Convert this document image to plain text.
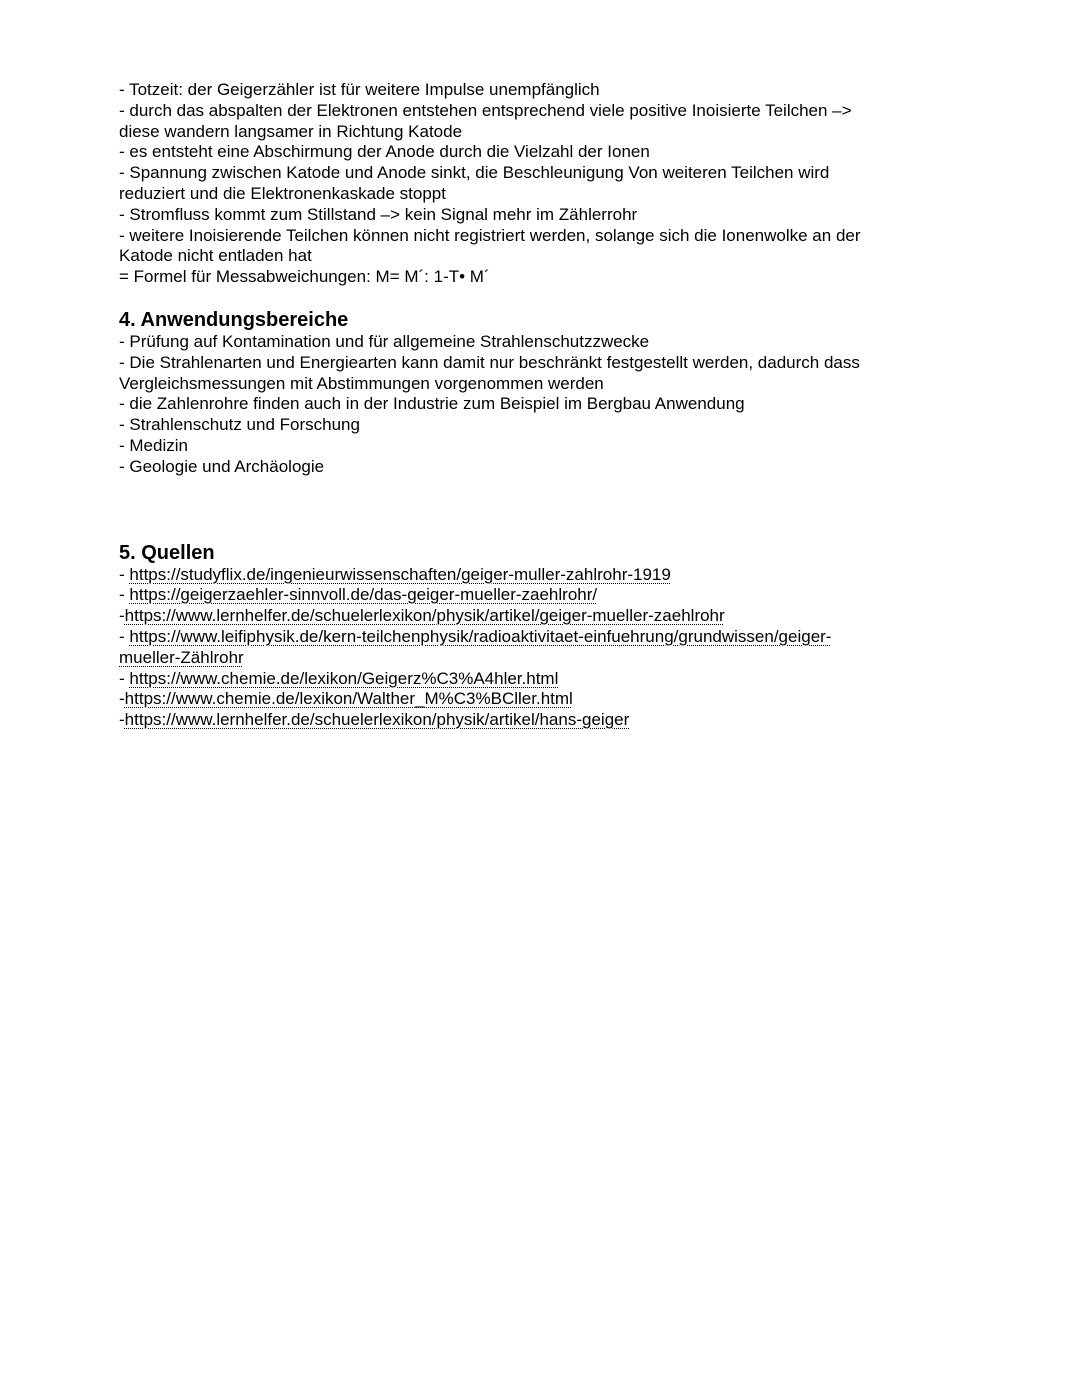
- Totzeit: der Geigerzähler ist für weitere Impulse unempfänglich

- durch das abspalten der Elektronen entstehen entsprechend viele positive Inoisierte Teilchen –>

diese wandern langsamer in Richtung Katode

- es entsteht eine Abschirmung der Anode durch die Vielzahl der Ionen

- Spannung zwischen Katode und Anode sinkt, die Beschleunigung Von weiteren Teilchen wird

reduziert und die Elektronenkaskade stoppt

- Stromfluss kommt zum Stillstand –> kein Signal mehr im Zählerrohr

- weitere Inoisierende Teilchen können nicht registriert werden, solange sich die Ionenwolke an der

Katode nicht entladen hat

= Formel für Messabweichungen: M= M´: 1-T• M´

4. Anwendungsbereiche

- Prüfung auf Kontamination und für allgemeine Strahlenschutzzwecke

- Die Strahlenarten und Energiearten kann damit nur beschränkt festgestellt werden, dadurch dass

Vergleichsmessungen mit Abstimmungen vorgenommen werden

- die Zahlenrohre finden auch in der Industrie zum Beispiel im Bergbau Anwendung

- Strahlenschutz und Forschung

- Medizin

- Geologie und Archäologie

5. Quellen

- https://studyflix.de/ingenieurwissenschaften/geiger-muller-zahlrohr-1919

- https://geigerzaehler-sinnvoll.de/das-geiger-mueller-zaehlrohr/

-https://www.lernhelfer.de/schuelerlexikon/physik/artikel/geiger-mueller-zaehlrohr

- https://www.leifiphysik.de/kern-teilchenphysik/radioaktivitaet-einfuehrung/grundwissen/geiger-

mueller-Zählrohr

- https://www.chemie.de/lexikon/Geigerz%C3%A4hler.html

-https://www.chemie.de/lexikon/Walther_M%C3%BCller.html

-https://www.lernhelfer.de/schuelerlexikon/physik/artikel/hans-geiger
